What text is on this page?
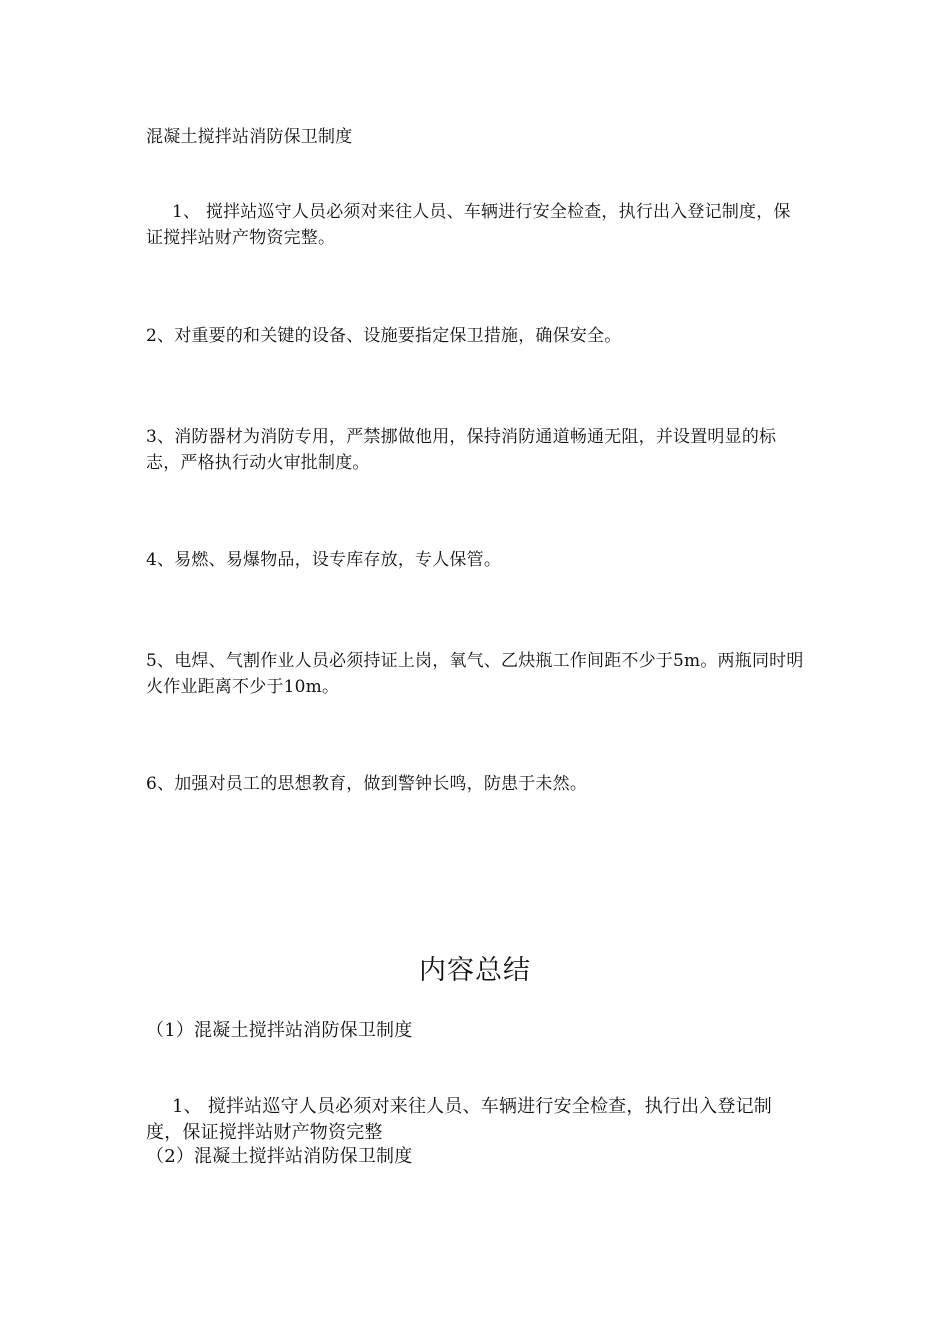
混凝土搅拌站消防保卫制度

1、 搅拌站巡守人员必须对来往人员、车辆进行安全检查，执行出入登记制度，保证搅拌站财产物资完整。

2、对重要的和关键的设备、设施要指定保卫措施，确保安全。

3、消防器材为消防专用，严禁挪做他用，保持消防通道畅通无阻，并设置明显的标志，严格执行动火审批制度。

4、易燃、易爆物品，设专库存放，专人保管。

5、电焊、气割作业人员必须持证上岗，氧气、乙炔瓶工作间距不少于5m。两瓶同时明火作业距离不少于10m。

6、加强对员工的思想教育，做到警钟长鸣，防患于未然。

内容总结

（1）混凝土搅拌站消防保卫制度

1、 搅拌站巡守人员必须对来往人员、车辆进行安全检查，执行出入登记制度，保证搅拌站财产物资完整

（2）混凝土搅拌站消防保卫制度
